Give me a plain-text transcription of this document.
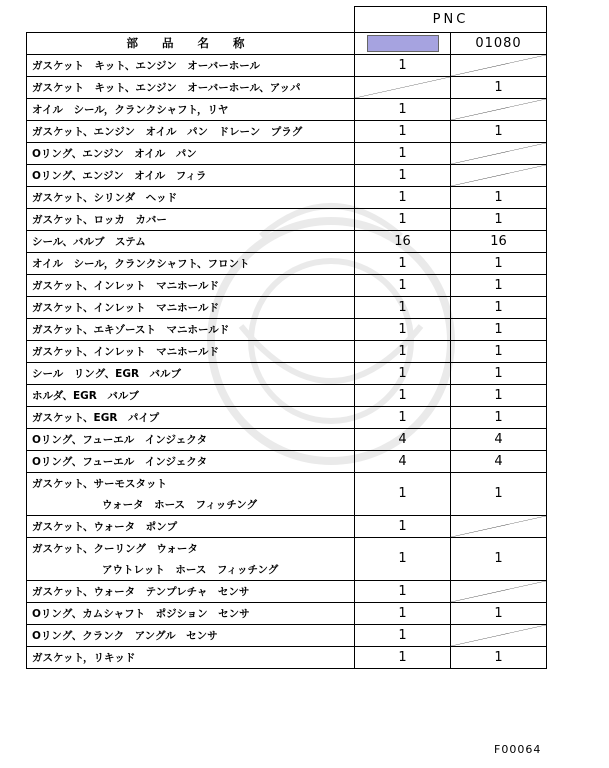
	PNC	
部 品 名 称		01080

ガスケット　キット、エンジン　オーバーホール	1	

ガスケット　キット、エンジン　オーバーホール、アッパ		1

オイル　シール，クランクシャフト，リヤ	1	

ガスケット、エンジン　オイル　パン　ドレーン　プラグ	1	1

Oリング、エンジン　オイル　パン	1	

Oリング、エンジン　オイル　フィラ	1	

ガスケット、シリンダ　ヘッド	1	1

ガスケット、ロッカ　カバー	1	1

シール、バルブ　ステム	16	16

オイル　シール，クランクシャフト、フロント	1	1

ガスケット、インレット　マニホールド	1	1

ガスケット、インレット　マニホールド	1	1

ガスケット、エキゾースト　マニホールド	1	1

ガスケット、インレット　マニホールド	1	1

シール　リング、EGR　バルブ	1	1

ホルダ、EGR　バルブ	1	1

ガスケット、EGR　パイプ	1	1

Oリング、フューエル　インジェクタ	4	4

Oリング、フューエル　インジェクタ	4	4

ガスケット、サーモスタット
ウォータ　ホース　フィッチング	1	1

ガスケット、ウォータ　ポンプ	1	

ガスケット、クーリング　ウォータ
アウトレット　ホース　フィッチング	1	1

ガスケット、ウォータ　テンプレチャ　センサ	1	

Oリング、カムシャフト　ポジション　センサ	1	1

Oリング、クランク　アングル　センサ	1	

ガスケット，リキッド	1	1
F00064
